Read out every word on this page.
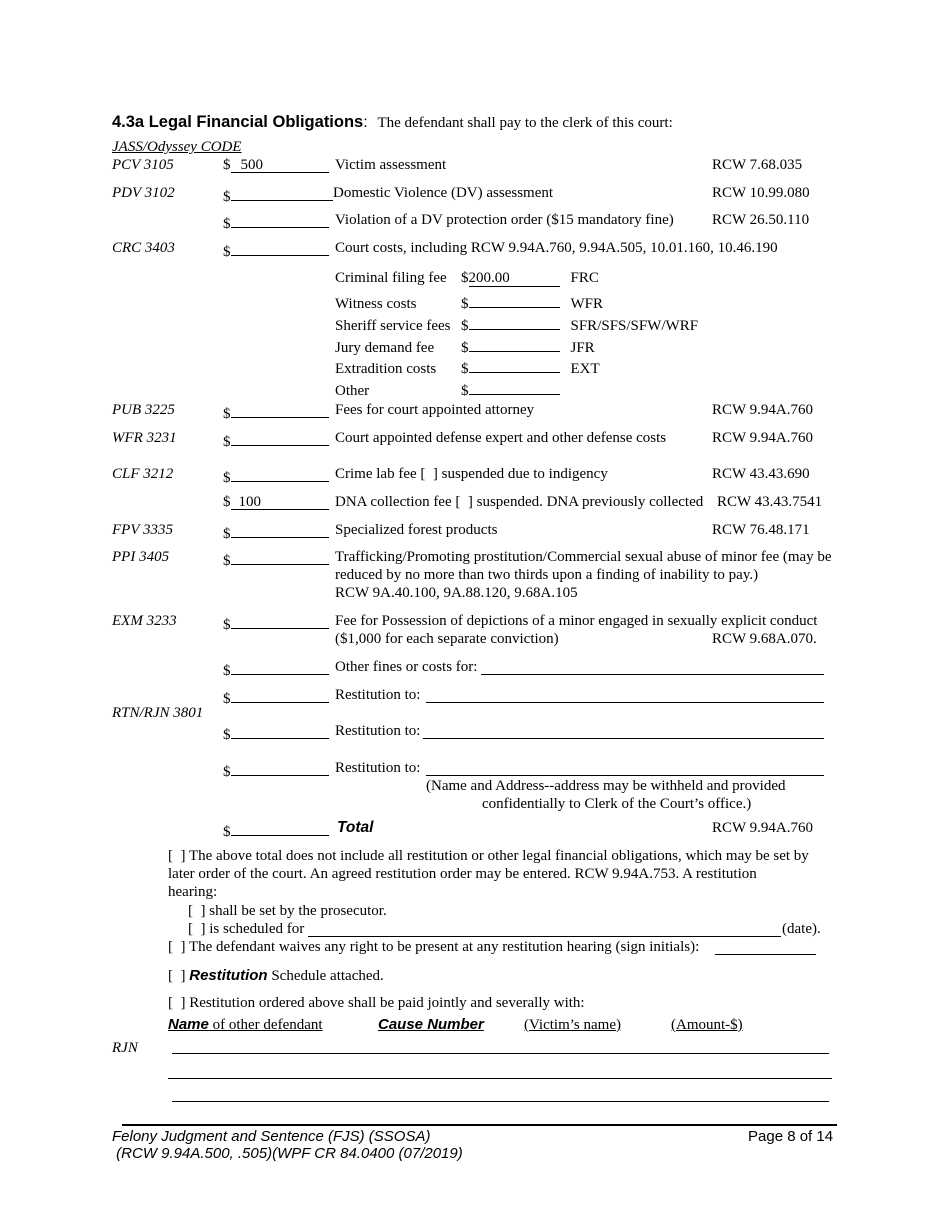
4.3a Legal Financial Obligations: The defendant shall pay to the clerk of this court:
JASS/Odyssey CODE
PCV 3105	$ 500	Victim assessment	RCW 7.68.035
PDV 3102	$	Domestic Violence (DV) assessment	RCW 10.99.080
$	Violation of a DV protection order ($15 mandatory fine)	RCW 26.50.110
CRC 3403	$	Court costs, including RCW 9.94A.760, 9.94A.505, 10.01.160, 10.46.190
Criminal filing fee $200.00	FRC
Witness costs	$	WFR
Sheriff service fees $	SFR/SFS/SFW/WRF
Jury demand fee $	JFR
Extradition costs $	EXT
Other	$
PUB 3225	$	Fees for court appointed attorney	RCW 9.94A.760
WFR 3231	$	Court appointed defense expert and other defense costs	RCW 9.94A.760
CLF 3212	$	Crime lab fee [  ] suspended due to indigency	RCW 43.43.690
$ 100	DNA collection fee [  ] suspended. DNA previously collected RCW 43.43.7541
FPV 3335	$	Specialized forest products	RCW 76.48.171
PPI 3405	$	Trafficking/Promoting prostitution/Commercial sexual abuse of minor fee (may be
reduced by no more than two thirds upon a finding of inability to pay.)
RCW 9A.40.100, 9A.88.120, 9.68A.105
EXM 3233	$	Fee for Possession of depictions of a minor engaged in sexually explicit conduct
($1,000 for each separate conviction)	RCW 9.68A.070.
$	Other fines or costs for:
$	Restitution to:
RTN/RJN 3801
$	Restitution to:
$	Restitution to:
(Name and Address--address may be withheld and provided
confidentially to Clerk of the Court’s office.)
$	Total	RCW 9.94A.760
[  ] The above total does not include all restitution or other legal financial obligations, which may be set by
later order of the court. An agreed restitution order may be entered. RCW 9.94A.753. A restitution
hearing:
[  ] shall be set by the prosecutor.
[  ] is scheduled for	(date).
[  ] The defendant waives any right to be present at any restitution hearing (sign initials):
[  ] Restitution Schedule attached.
[  ] Restitution ordered above shall be paid jointly and severally with:
Name of other defendant	Cause Number	(Victim’s name)	(Amount-$)
RJN
Felony Judgment and Sentence (FJS) (SSOSA)
(RCW 9.94A.500, .505)(WPF CR 84.0400 (07/2019)
Page 8 of 14
